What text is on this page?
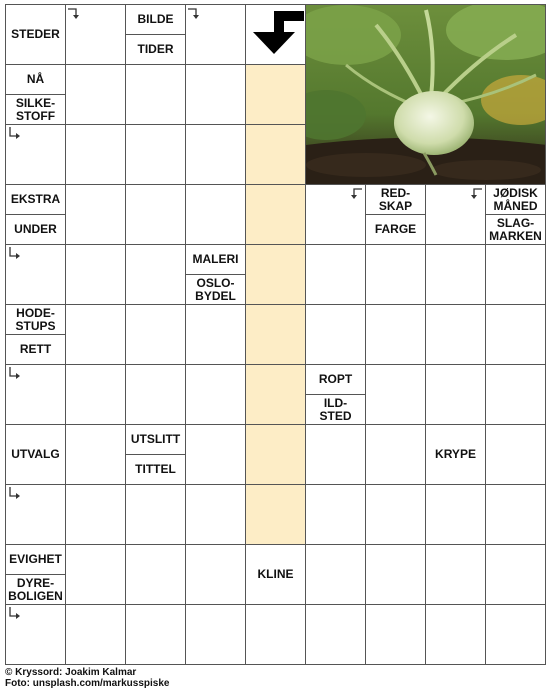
NÅ
SILKE-
STOFF
BILDE
TIDER
EKSTRA
UNDER
RED-
SKAP
FARGE
JØDISK
MÅNED
SLAG-
MARKEN
MALERI
OSLO-
BYDEL
HODE-
STUPS
RETT
ROPT
ILD-
STED
UTSLITT
TITTEL
EVIGHET
DYRE-
BOLIGEN
STEDER
UTVALG	KRYPE
KLINE
© Kryssord: Joakim Kalmar
Foto: unsplash.com/markusspiske
